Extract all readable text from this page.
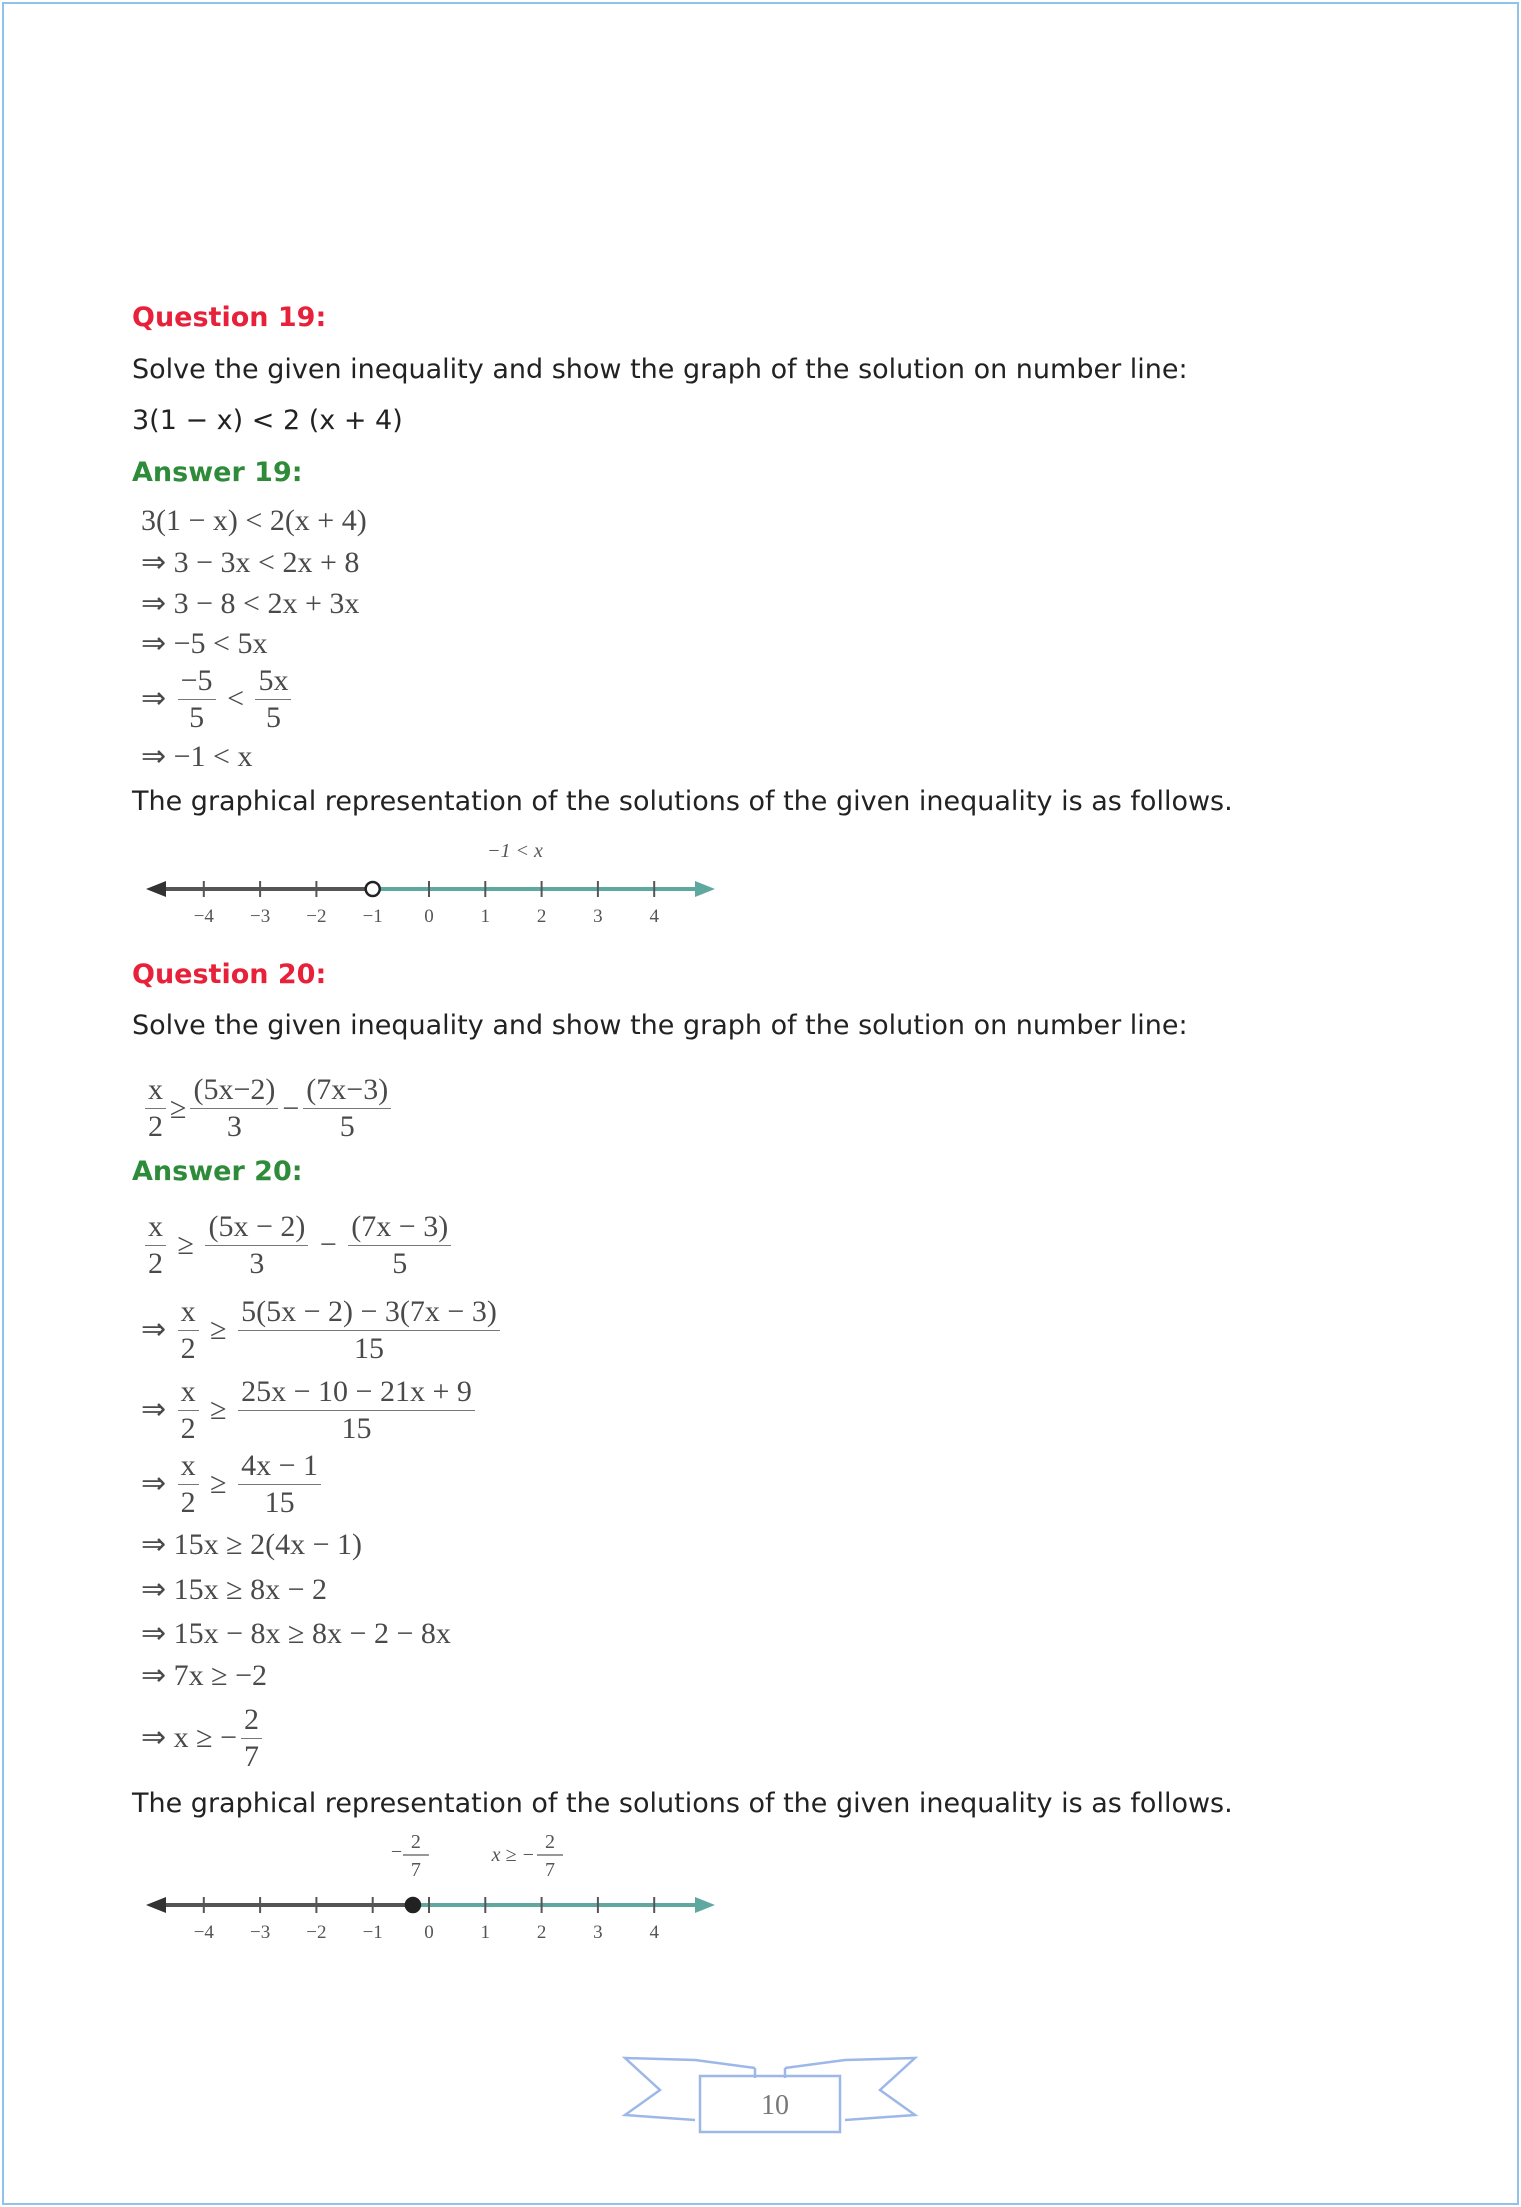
Question 19:
Solve the given inequality and show the graph of the solution on number line:
3(1 − x) < 2 (x + 4)
Answer 19:
3(1 − x) < 2(x + 4)
⇒ 3 − 3x < 2x + 8
⇒ 3 − 8 < 2x + 3x
⇒ −5 < 5x
⇒ $\frac{-5}{5} < \frac{5x}{5}$
⇒ −1 < x
The graphical representation of the solutions of the given inequality is as follows.
−4 −3 −2 −1 0 1 2 3 4
−1 < x
Question 20:
Solve the given inequality and show the graph of the solution on number line:
$\frac{x}{2} \ge \frac{(5x-2)}{3} - \frac{(7x-3)}{5}$
Answer 20:
$\frac{x}{2} \ge \frac{(5x - 2)}{3} - \frac{(7x - 3)}{5}$
⇒ $\frac{x}{2} \ge \frac{5(5x - 2) - 3(7x - 3)}{15}$
⇒ $\frac{x}{2} \ge \frac{25x - 10 - 21x + 9}{15}$
⇒ $\frac{x}{2} \ge \frac{4x - 1}{15}$
⇒ 15x ≥ 2(4x − 1)
⇒ 15x ≥ 8x − 2
⇒ 15x − 8x ≥ 8x − 2 − 8x
⇒ 7x ≥ −2
⇒ x ≥ − $\frac{2}{7}$
The graphical representation of the solutions of the given inequality is as follows.
−4 −3 −2 −1 0 1 2 3 4
− 2
7
x ≥ −
2
7
10
